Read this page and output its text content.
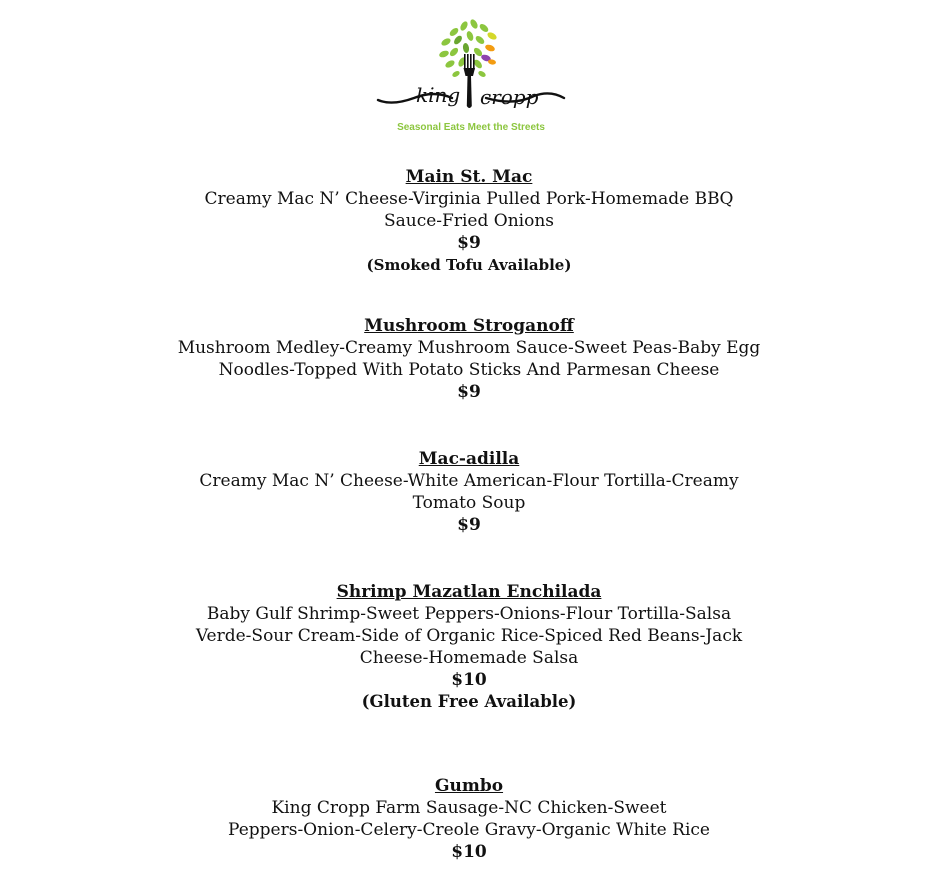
king cropp
Seasonal Eats Meet the Streets
Main St. Mac
Creamy Mac N’ Cheese-Virginia Pulled Pork-Homemade BBQ
Sauce-Fried Onions
$9
(Smoked Tofu Available)
Mushroom Stroganoff
Mushroom Medley-Creamy Mushroom Sauce-Sweet Peas-Baby Egg
Noodles-Topped With Potato Sticks And Parmesan Cheese
$9
Mac-adilla
Creamy Mac N’ Cheese-White American-Flour Tortilla-Creamy
Tomato Soup
$9
Shrimp Mazatlan Enchilada
Baby Gulf Shrimp-Sweet Peppers-Onions-Flour Tortilla-Salsa
Verde-Sour Cream-Side of Organic Rice-Spiced Red Beans-Jack
Cheese-Homemade Salsa
$10
(Gluten Free Available)
Gumbo
King Cropp Farm Sausage-NC Chicken-Sweet
Peppers-Onion-Celery-Creole Gravy-Organic White Rice
$10
